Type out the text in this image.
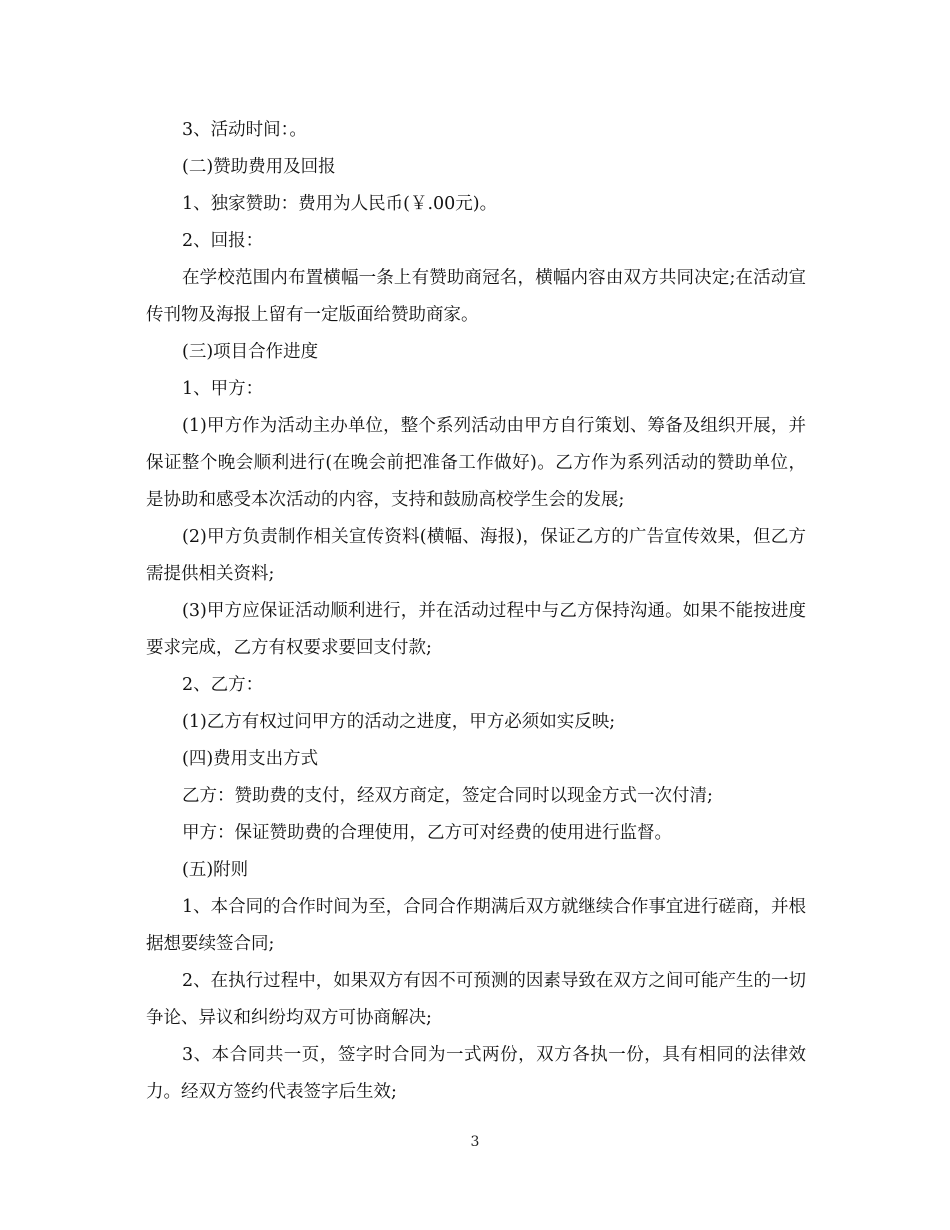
3、活动时间：。

(二)赞助费用及回报

1、独家赞助：费用为人民币(￥.00元)。

2、回报：

在学校范围内布置横幅一条上有赞助商冠名，横幅内容由双方共同决定;在活动宣传刊物及海报上留有一定版面给赞助商家。

(三)项目合作进度

1、甲方：

(1)甲方作为活动主办单位，整个系列活动由甲方自行策划、筹备及组织开展，并保证整个晚会顺利进行(在晚会前把准备工作做好)。乙方作为系列活动的赞助单位，是协助和感受本次活动的内容，支持和鼓励高校学生会的发展;

(2)甲方负责制作相关宣传资料(横幅、海报)，保证乙方的广告宣传效果，但乙方需提供相关资料;

(3)甲方应保证活动顺利进行，并在活动过程中与乙方保持沟通。如果不能按进度要求完成，乙方有权要求要回支付款;

2、乙方：

(1)乙方有权过问甲方的活动之进度，甲方必须如实反映;

(四)费用支出方式

乙方：赞助费的支付，经双方商定，签定合同时以现金方式一次付清;

甲方：保证赞助费的合理使用，乙方可对经费的使用进行监督。

(五)附则

1、本合同的合作时间为至，合同合作期满后双方就继续合作事宜进行磋商，并根据想要续签合同;

2、在执行过程中，如果双方有因不可预测的因素导致在双方之间可能产生的一切争论、异议和纠纷均双方可协商解决;

3、本合同共一页，签字时合同为一式两份，双方各执一份，具有相同的法律效力。经双方签约代表签字后生效;

3
